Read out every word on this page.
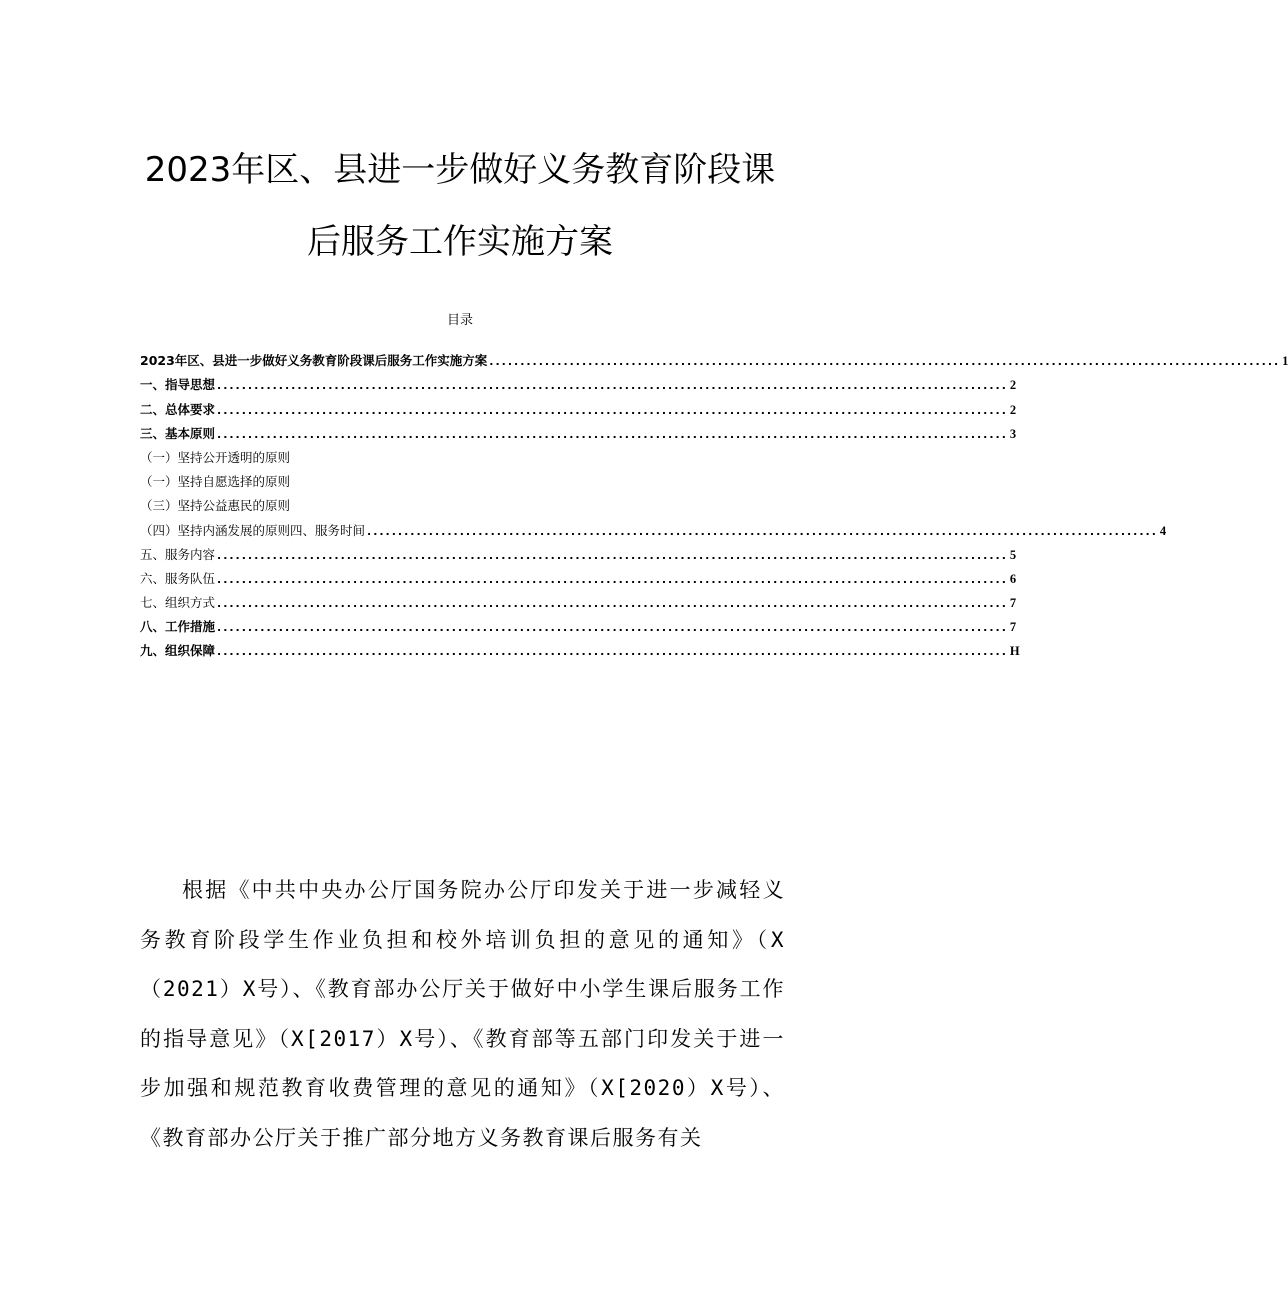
2023年区、县进一步做好义务教育阶段课
后服务工作实施方案
目录
2023年区、县进一步做好义务教育阶段课后服务工作实施方案 ................................................................................................................................ 1
一、指导思想 ................................................................................................................................ 2
二、总体要求 ................................................................................................................................ 2
三、基本原则 ................................................................................................................................ 3
（一）坚持公开透明的原则
（一）坚持自愿选择的原则
（三）坚持公益惠民的原则
（四）坚持内涵发展的原则四、服务时间 ................................................................................................................................ 4
五、服务内容 ................................................................................................................................ 5
六、服务队伍 ................................................................................................................................ 6
七、组织方式 ................................................................................................................................ 7
八、工作措施 ................................................................................................................................ 7
九、组织保障 ................................................................................................................................ H

根据《中共中央办公厅国务院办公厅印发关于进一步减轻义务教育阶段学生作业负担和校外培训负担的意见的通知》（X（2021）X号）、《教育部办公厅关于做好中小学生课后服务工作的指导意见》（X[2017）X号）、《教育部等五部门印发关于进一步加强和规范教育收费管理的意见的通知》（X[2020）X号）、《教育部办公厅关于推广部分地方义务教育课后服务有关
